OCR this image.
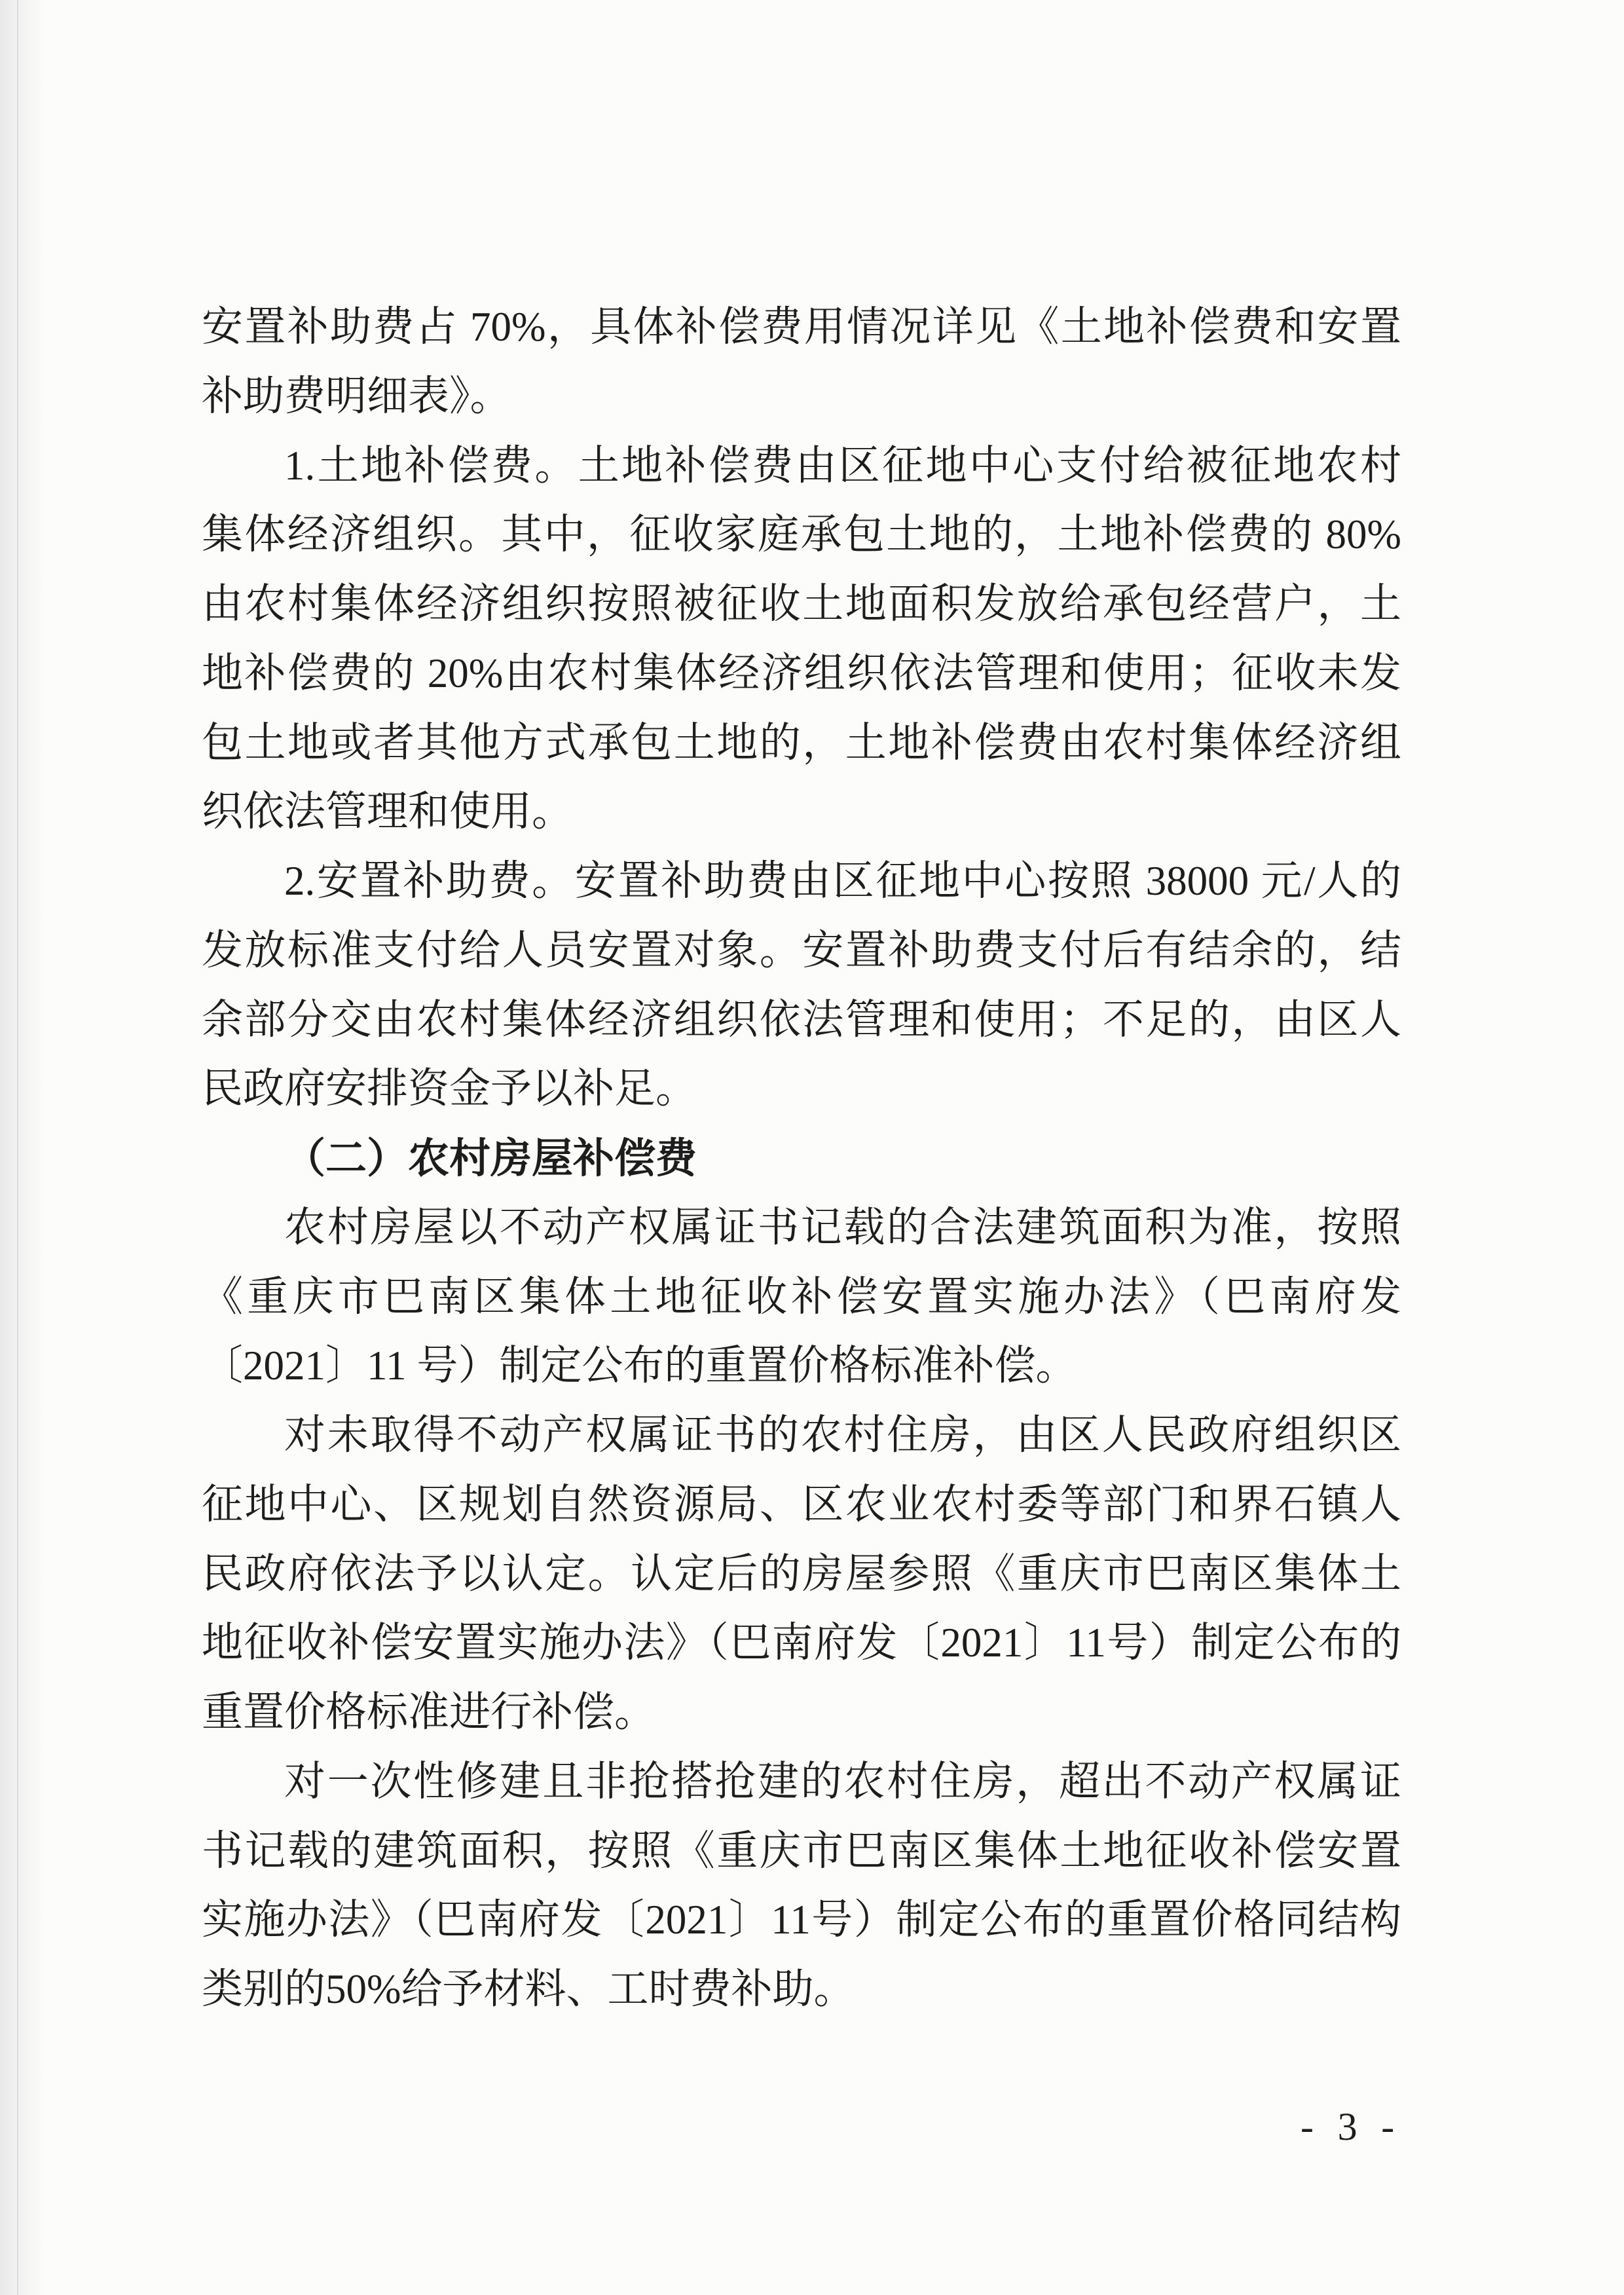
安置补助费占 70%，具体补偿费用情况详见《土地补偿费和安置
补助费明细表》。
1.土地补偿费。土地补偿费由区征地中心支付给被征地农村
集体经济组织。其中，征收家庭承包土地的，土地补偿费的 80%
由农村集体经济组织按照被征收土地面积发放给承包经营户，土
地补偿费的 20%由农村集体经济组织依法管理和使用；征收未发
包土地或者其他方式承包土地的，土地补偿费由农村集体经济组
织依法管理和使用。
2.安置补助费。安置补助费由区征地中心按照 38000 元/人的
发放标准支付给人员安置对象。安置补助费支付后有结余的，结
余部分交由农村集体经济组织依法管理和使用；不足的，由区人
民政府安排资金予以补足。
（二）农村房屋补偿费
农村房屋以不动产权属证书记载的合法建筑面积为准，按照
《重庆市巴南区集体土地征收补偿安置实施办法》（巴南府发
〔2021〕11 号）制定公布的重置价格标准补偿。
对未取得不动产权属证书的农村住房，由区人民政府组织区
征地中心、区规划自然资源局、区农业农村委等部门和界石镇人
民政府依法予以认定。认定后的房屋参照《重庆市巴南区集体土
地征收补偿安置实施办法》（巴南府发〔2021〕11号）制定公布的
重置价格标准进行补偿。
对一次性修建且非抢搭抢建的农村住房，超出不动产权属证
书记载的建筑面积，按照《重庆市巴南区集体土地征收补偿安置
实施办法》（巴南府发〔2021〕11号）制定公布的重置价格同结构
类别的50%给予材料、工时费补助。
- 3 -
